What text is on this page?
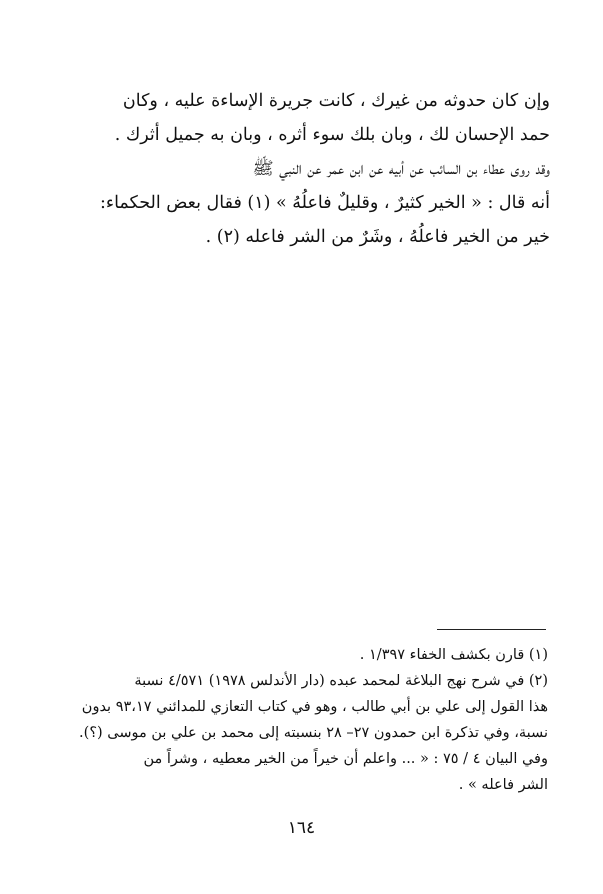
وإن كان حدوثه من غيرك ، كانت جريرة الإساءة عليه ، وكان
حمد الإحسان لك ، وبان بلك سوء أثره ، وبان به جميل أثرك .
وقد روى عطاء بن السائب عن أبيه عن ابن عمر عن النبي ﷺ
أنه قال : « الخير كثيرٌ ، وقليلٌ فاعلُهُ » (١) فقال بعض الحكماء:
خير من الخير فاعلُهُ ، وشَرٌ من الشر فاعله (٢) .
(١) قارن بكشف الخفاء ١/٣٩٧ .
(٢) في شرح نهج البلاغة لمحمد عبده (دار الأندلس ١٩٧٨) ٤/٥٧١ نسبة
هذا القول إلى علي بن أبي طالب ، وهو في كتاب التعازي للمدائني ٩٣،١٧ بدون
نسبة، وفي تذكرة ابن حمدون ٢٧– ٢٨ بنسبته إلى محمد بن علي بن موسى (؟).
وفي البيان ٤ / ٧٥ : « ... واعلم أن خيراً من الخير معطيه ، وشراً من
الشر فاعله » .
١٦٤
